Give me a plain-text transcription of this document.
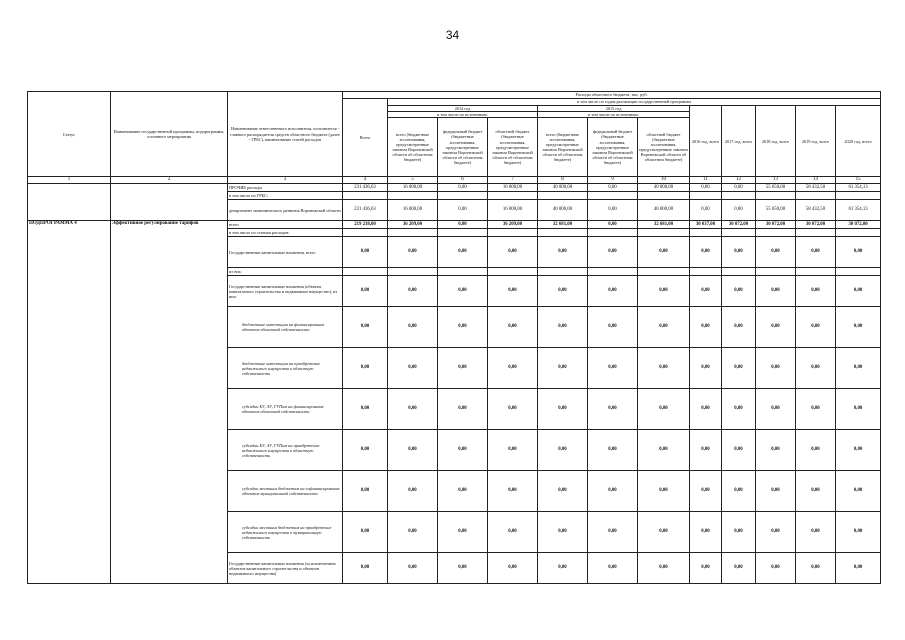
34
Статус	Наименование государственной программы, подпрограммы, основного мероприятия	Наименование ответственного исполнителя, исполнителя - главного распорядителя средств областного бюджета (далее - ГРБС), наименование статей расходов	Расходы областного бюджета, тыс. руб.											
			Всего	в том числе по годам реализации государственной программы										
				2014 год			2015 год			2016 год, всего	2017 год, всего	2018 год, всего	2019 год, всего	2020 год, всего
				в том числе по источникам:			в том числе по источникам:							
				всего (бюджетные ассигнования, предусмотренные законом Воронежской области об областном бюджете)	федеральный бюджет (бюджетные ассигнования, предусмотренные законом Воронежской области об областном бюджете)	областной бюджет (бюджетные ассигнования, предусмотренные законом Воронежской области об областном бюджете)	всего (бюджетные ассигнования, предусмотренные законом Воронежской области об областном бюджете)	федеральный бюджет (бюджетные ассигнования, предусмотренные законом Воронежской области об областном бюджете)	областной бюджет (бюджетные ассигнования, предусмотренные законом Воронежской области об областном бюджете)					
1	2	3	4	5	6	7	8	9	10	11	12	13	14	15
		ПРОЧИЕ расходы	231 436,63	16 000,00	0,00	16 000,00	40 000,00	0,00	40 000,00	0,00	0,00	55 650,00	58 432,50	61 354,13
		в том числе по ГРБС:												
		департамент экономического развития Воронежской области	231 436,63	16 000,00	0,00	16 000,00	40 000,00	0,00	40 000,00	0,00	0,00	55 650,00	58 432,50	61 354,13
ПОДПРОГРАММА 4	Эффективное регулирование тарифов	всего	219 218,00	36 209,00	0,00	36 209,00	32 681,00	0,00	32 681,00	30 037,00	30 072,00	30 072,00	30 072,00	30 072,00
		в том числе по статьям расходов:												
		Государственные капитальные вложения, всего	0,00	0,00	0,00	0,00	0,00	0,00	0,00	0,00	0,00	0,00	0,00	0,00
		из них:												
		Государственные капитальные вложения (объекты капитального строительства и недвижимое имущество), из них:	0,00	0,00	0,00	0,00	0,00	0,00	0,00	0,00	0,00	0,00	0,00	0,00
		бюджетные инвестиции на финансирование объектов областной собственности	0,00	0,00	0,00	0,00	0,00	0,00	0,00	0,00	0,00	0,00	0,00	0,00
		бюджетные инвестиции на приобретение недвижимого имущества в областную собственность	0,00	0,00	0,00	0,00	0,00	0,00	0,00	0,00	0,00	0,00	0,00	0,00
		субсидии БУ, АУ, ГУПам на финансирование объектов областной собственности	0,00	0,00	0,00	0,00	0,00	0,00	0,00	0,00	0,00	0,00	0,00	0,00
		субсидии БУ, АУ, ГУПам на приобретение недвижимого имущества в областную собственность	0,00	0,00	0,00	0,00	0,00	0,00	0,00	0,00	0,00	0,00	0,00	0,00
		субсидии местным бюджетам на софинансирование объектов муниципальной собственности	0,00	0,00	0,00	0,00	0,00	0,00	0,00	0,00	0,00	0,00	0,00	0,00
		субсидии местным бюджетам на приобретение недвижимого имущества в муниципальную собственность	0,00	0,00	0,00	0,00	0,00	0,00	0,00	0,00	0,00	0,00	0,00	0,00
		Государственные капитальные вложения (за исключением объектов капитального строительства и объектов недвижимого имущества)	0,00	0,00	0,00	0,00	0,00	0,00	0,00	0,00	0,00	0,00	0,00	0,00
